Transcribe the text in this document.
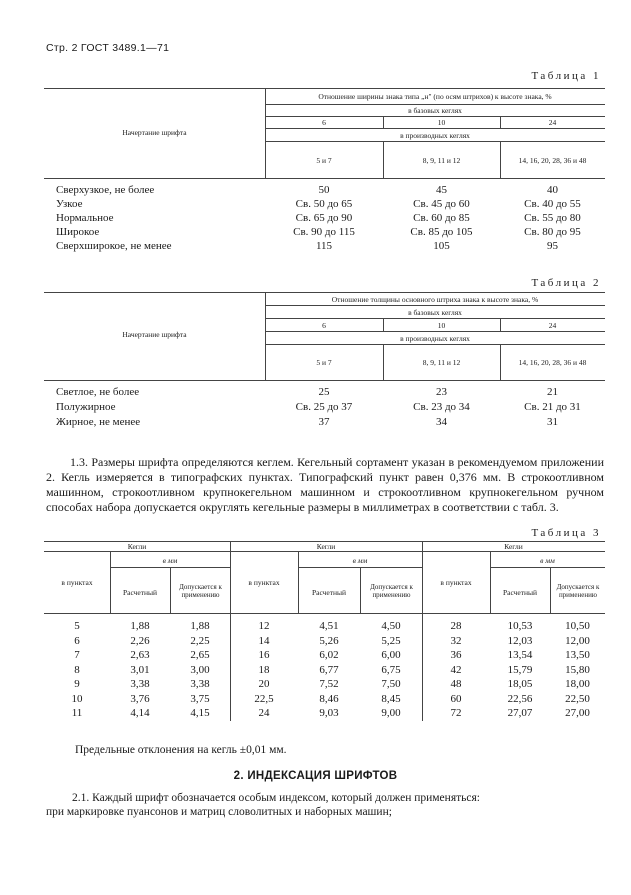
Стр. 2 ГОСТ 3489.1—71
Таблица 1
Начертание шрифта
Отношение ширины знака типа „н" (по осям штрихов) к высоте знака, %
в базовых кеглях
6	10	24
в производных кеглях
5 и 7	8, 9, 11 и 12	14, 16, 20, 28, 36 и 48
Сверхузкое, не более	50	45	40
Узкое	Св. 50 до 65	Св. 45 до 60	Св. 40 до 55
Нормальное	Св. 65 до 90	Св. 60 до 85	Св. 55 до 80
Широкое	Св. 90 до 115	Св. 85 до 105	Св. 80 до 95
Сверхширокое, не менее	115	105	95
Таблица 2
Начертание шрифта
Отношение толщины основного штриха знака к высоте знака, %
в базовых кеглях
6	10	24
в производных кеглях
5 и 7	8, 9, 11 и 12	14, 16, 20, 28, 36 и 48
Светлое, не более	25	23	21
Полужирное	Св. 25 до 37	Св. 23 до 34	Св. 21 до 31
Жирное, не менее	37	34	31
1.3. Размеры шрифта определяются кеглем. Кегельный сортамент указан в рекомендуемом приложении 2. Кегль измеряется в типографских пунктах. Типографский пункт равен 0,376 мм. В строкоотливном машинном, строкоотливном крупнокегельном машинном и строкоотливном крупнокегельном ручном способах набора допускается округлять кегельные размеры в миллиметрах в соответствии с табл. 3.
Таблица 3
Кегли	Кегли	Кегли
в мм	в мм	в мм
в пунктах	в пунктах	в пунктах
Расчетный	Расчетный	Расчетный
Допускается к применению
Допускается к применению
Допускается к применению
5	1,88	1,88	12	4,51	4,50	28	10,53	10,50
6	2,26	2,25	14	5,26	5,25	32	12,03	12,00
7	2,63	2,65	16	6,02	6,00	36	13,54	13,50
8	3,01	3,00	18	6,77	6,75	42	15,79	15,80
9	3,38	3,38	20	7,52	7,50	48	18,05	18,00
10	3,76	3,75	22,5	8,46	8,45	60	22,56	22,50
11	4,14	4,15	24	9,03	9,00	72	27,07	27,00
Предельные отклонения на кегль ±0,01 мм.
2. ИНДЕКСАЦИЯ ШРИФТОВ
2.1. Каждый шрифт обозначается особым индексом, который должен применяться:
при маркировке пуансонов и матриц словолитных и наборных машин;
